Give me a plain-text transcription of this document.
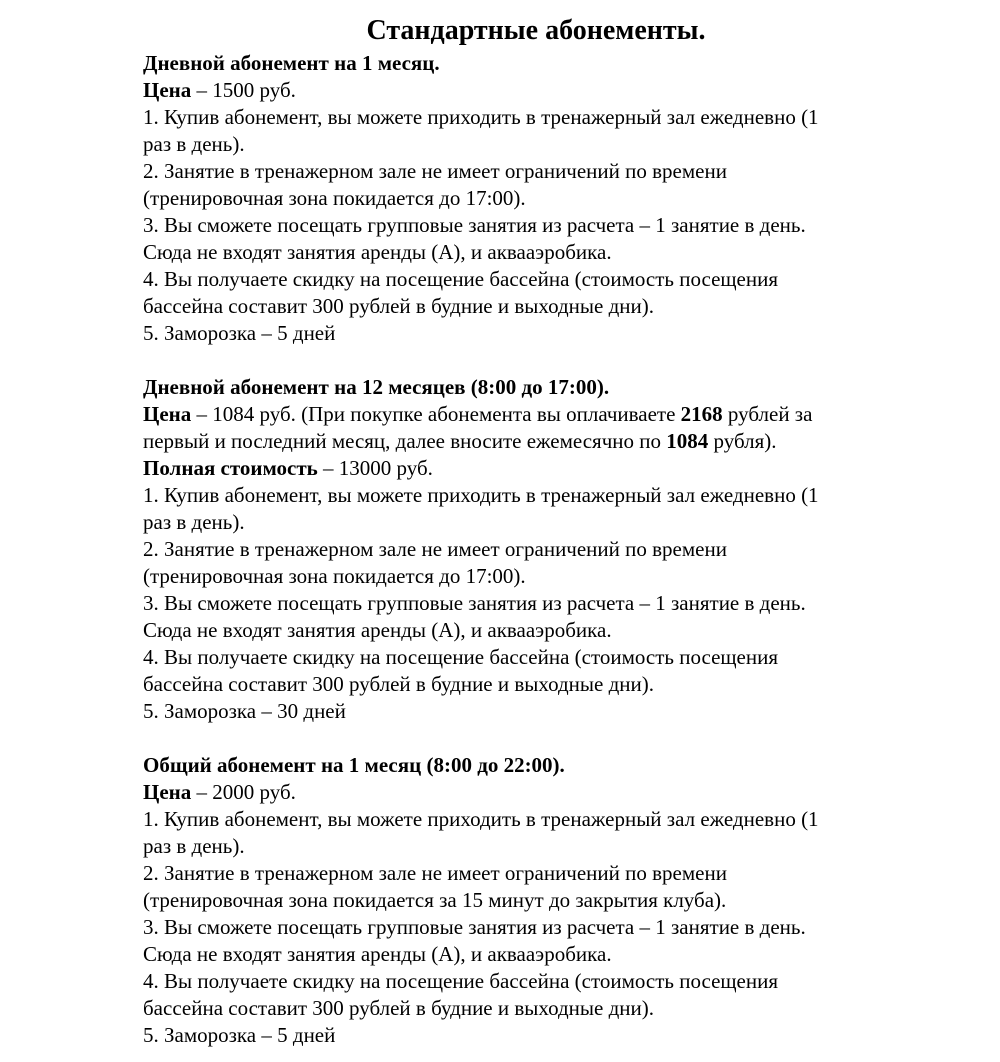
Стандартные абонементы.
Дневной абонемент на 1 месяц.
Цена – 1500 руб.
1. Купив абонемент, вы можете приходить в тренажерный зал ежедневно (1
раз в день).
2. Занятие в тренажерном зале не имеет ограничений по времени
(тренировочная зона покидается до 17:00).
3. Вы сможете посещать групповые занятия из расчета – 1 занятие в день.
Сюда не входят занятия аренды (А), и аквааэробика.
4. Вы получаете скидку на посещение бассейна (стоимость посещения
бассейна составит 300 рублей в будние и выходные дни).
5. Заморозка – 5 дней
Дневной абонемент на 12 месяцев (8:00 до 17:00).
Цена – 1084 руб. (При покупке абонемента вы оплачиваете 2168 рублей за
первый и последний месяц, далее вносите ежемесячно по 1084 рубля).
Полная стоимость – 13000 руб.
1. Купив абонемент, вы можете приходить в тренажерный зал ежедневно (1
раз в день).
2. Занятие в тренажерном зале не имеет ограничений по времени
(тренировочная зона покидается до 17:00).
3. Вы сможете посещать групповые занятия из расчета – 1 занятие в день.
Сюда не входят занятия аренды (А), и аквааэробика.
4. Вы получаете скидку на посещение бассейна (стоимость посещения
бассейна составит 300 рублей в будние и выходные дни).
5. Заморозка – 30 дней
Общий абонемент на 1 месяц (8:00 до 22:00).
Цена – 2000 руб.
1. Купив абонемент, вы можете приходить в тренажерный зал ежедневно (1
раз в день).
2. Занятие в тренажерном зале не имеет ограничений по времени
(тренировочная зона покидается за 15 минут до закрытия клуба).
3. Вы сможете посещать групповые занятия из расчета – 1 занятие в день.
Сюда не входят занятия аренды (А), и аквааэробика.
4. Вы получаете скидку на посещение бассейна (стоимость посещения
бассейна составит 300 рублей в будние и выходные дни).
5. Заморозка – 5 дней
